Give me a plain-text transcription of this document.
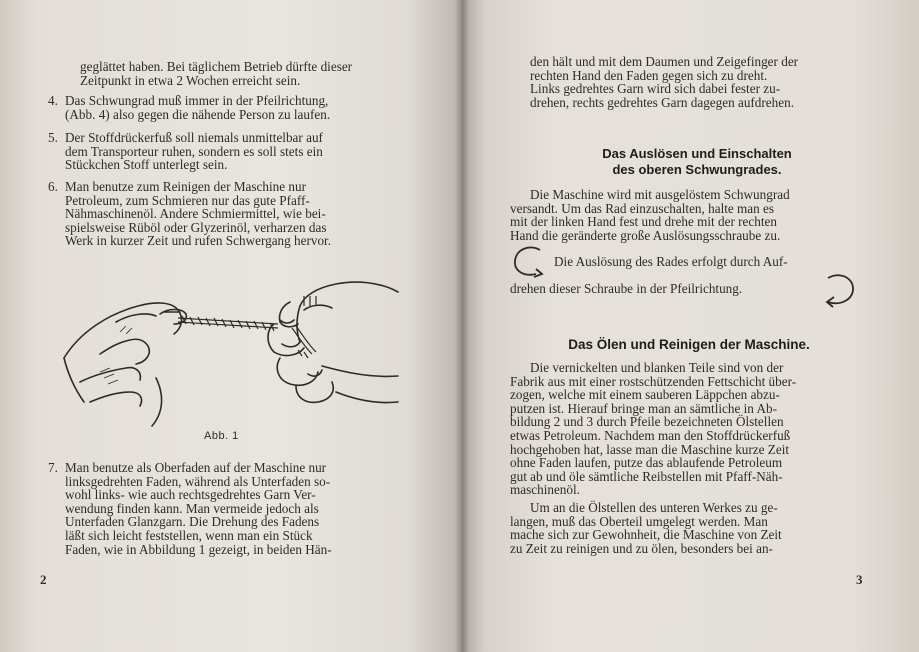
geglättet haben. Bei täglichem Betrieb dürfte dieser
Zeitpunkt in etwa 2 Wochen erreicht sein.
4. Das Schwungrad muß immer in der Pfeilrichtung,
(Abb. 4) also gegen die nähende Person zu laufen.
5. Der Stoffdrückerfuß soll niemals unmittelbar auf
dem Transporteur ruhen, sondern es soll stets ein
Stückchen Stoff unterlegt sein.
6. Man benutze zum Reinigen der Maschine nur
Petroleum, zum Schmieren nur das gute Pfaff-
Nähmaschinenöl. Andere Schmiermittel, wie bei-
spielsweise Rüböl oder Glyzerinöl, verharzen das
Werk in kurzer Zeit und rufen Schwergang hervor.
Abb. 1
7. Man benutze als Oberfaden auf der Maschine nur
linksgedrehten Faden, während als Unterfaden so-
wohl links- wie auch rechtsgedrehtes Garn Ver-
wendung finden kann. Man vermeide jedoch als
Unterfaden Glanzgarn. Die Drehung des Fadens
läßt sich leicht feststellen, wenn man ein Stück
Faden, wie in Abbildung 1 gezeigt, in beiden Hän-
2
den hält und mit dem Daumen und Zeigefinger der
rechten Hand den Faden gegen sich zu dreht.
Links gedrehtes Garn wird sich dabei fester zu-
drehen, rechts gedrehtes Garn dagegen aufdrehen.
Das Auslösen und Einschalten
des oberen Schwungrades.
Die Maschine wird mit ausgelöstem Schwungrad
versandt. Um das Rad einzuschalten, halte man es
mit der linken Hand fest und drehe mit der rechten
Hand die geränderte große Auslösungsschraube zu.
Die Auslösung des Rades erfolgt durch Auf-
drehen dieser Schraube in der Pfeilrichtung.
Das Ölen und Reinigen der Maschine.
Die vernickelten und blanken Teile sind von der
Fabrik aus mit einer rostschützenden Fettschicht über-
zogen, welche mit einem sauberen Läppchen abzu-
putzen ist. Hierauf bringe man an sämtliche in Ab-
bildung 2 und 3 durch Pfeile bezeichneten Ölstellen
etwas Petroleum. Nachdem man den Stoffdrückerfuß
hochgehoben hat, lasse man die Maschine kurze Zeit
ohne Faden laufen, putze das ablaufende Petroleum
gut ab und öle sämtliche Reibstellen mit Pfaff-Näh-
maschinenöl.
Um an die Ölstellen des unteren Werkes zu ge-
langen, muß das Oberteil umgelegt werden. Man
mache sich zur Gewohnheit, die Maschine von Zeit
zu Zeit zu reinigen und zu ölen, besonders bei an-
3
